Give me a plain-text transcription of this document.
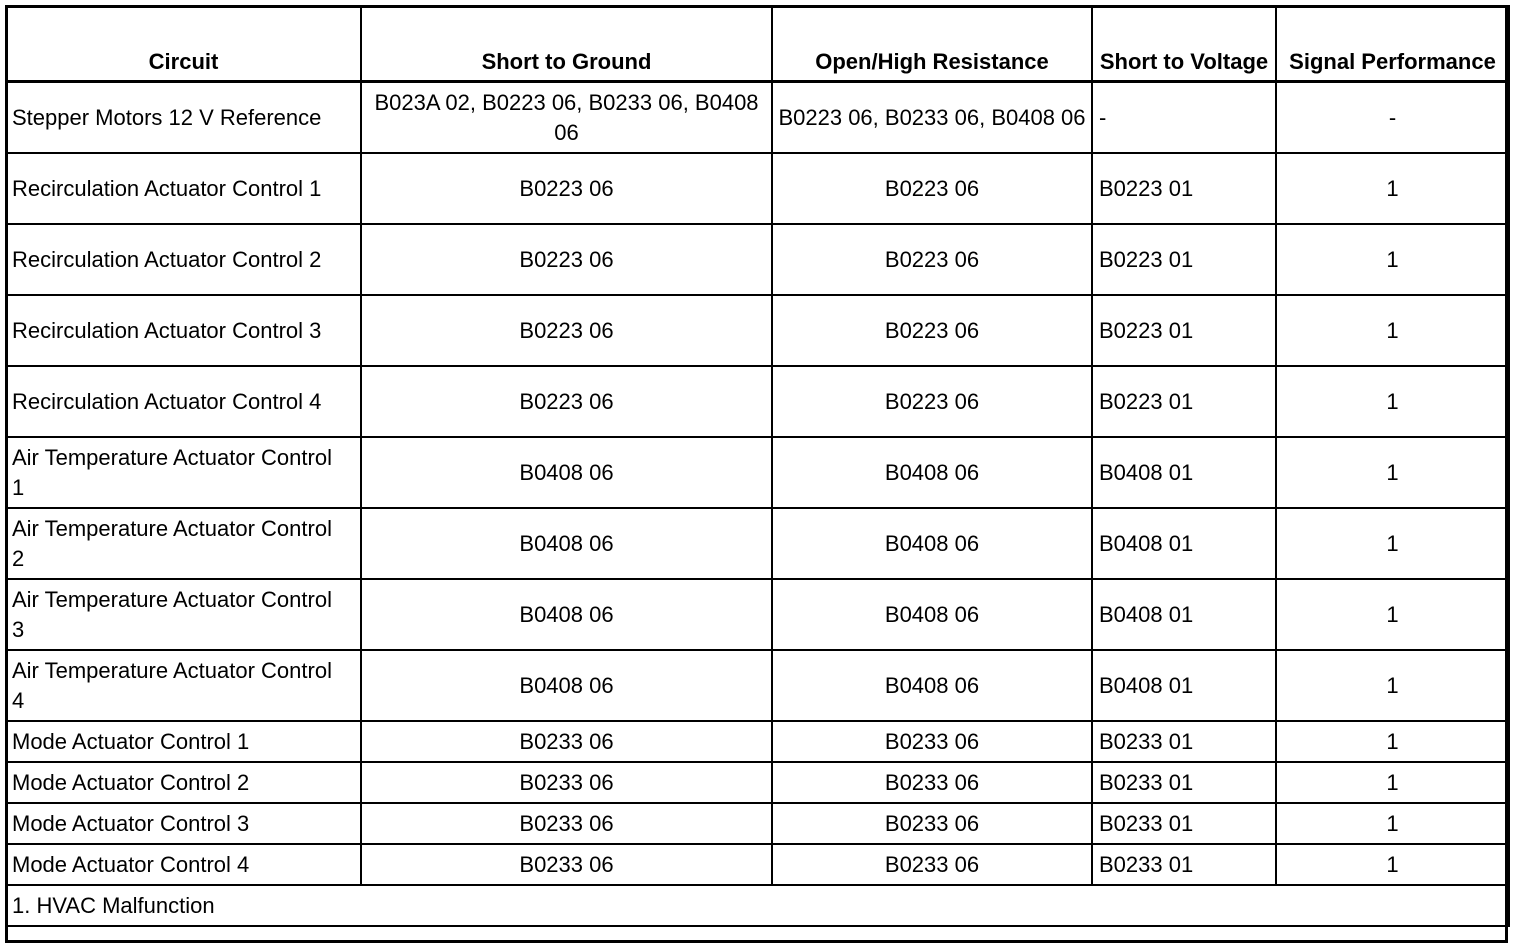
Circuit	Short to Ground	Open/High Resistance	Short to Voltage	Signal Performance
Stepper Motors 12 V Reference	B023A 02, B0223 06, B0233 06, B0408 06	B0223 06, B0233 06, B0408 06	-	-
Recirculation Actuator Control 1	B0223 06	B0223 06	B0223 01	1
Recirculation Actuator Control 2	B0223 06	B0223 06	B0223 01	1
Recirculation Actuator Control 3	B0223 06	B0223 06	B0223 01	1
Recirculation Actuator Control 4	B0223 06	B0223 06	B0223 01	1
Air Temperature Actuator Control 1	B0408 06	B0408 06	B0408 01	1
Air Temperature Actuator Control 2	B0408 06	B0408 06	B0408 01	1
Air Temperature Actuator Control 3	B0408 06	B0408 06	B0408 01	1
Air Temperature Actuator Control 4	B0408 06	B0408 06	B0408 01	1
Mode Actuator Control 1	B0233 06	B0233 06	B0233 01	1
Mode Actuator Control 2	B0233 06	B0233 06	B0233 01	1
Mode Actuator Control 3	B0233 06	B0233 06	B0233 01	1
Mode Actuator Control 4	B0233 06	B0233 06	B0233 01	1
1. HVAC Malfunction				
